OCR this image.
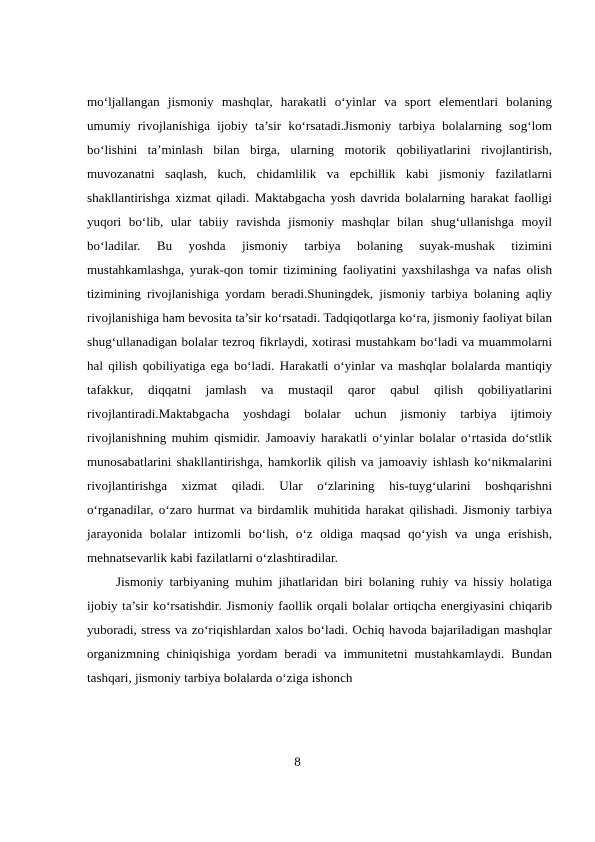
mo‘ljallangan jismoniy mashqlar, harakatli o‘yinlar va sport elementlari bolaning umumiy rivojlanishiga ijobiy ta’sir ko‘rsatadi.Jismoniy tarbiya bolalarning sog‘lom bo‘lishini ta’minlash bilan birga, ularning motorik qobiliyatlarini rivojlantirish, muvozanatni saqlash, kuch, chidamlilik va epchillik kabi jismoniy fazilatlarni shakllantirishga xizmat qiladi. Maktabgacha yosh davrida bolalarning harakat faolligi yuqori bo‘lib, ular tabiiy ravishda jismoniy mashqlar bilan shug‘ullanishga moyil bo‘ladilar. Bu yoshda jismoniy tarbiya bolaning suyak-mushak tizimini mustahkamlashga, yurak-qon tomir tizimining faoliyatini yaxshilashga va nafas olish tizimining rivojlanishiga yordam beradi.Shuningdek, jismoniy tarbiya bolaning aqliy rivojlanishiga ham bevosita ta’sir ko‘rsatadi. Tadqiqotlarga ko‘ra, jismoniy faoliyat bilan shug‘ullanadigan bolalar tezroq fikrlaydi, xotirasi mustahkam bo‘ladi va muammolarni hal qilish qobiliyatiga ega bo‘ladi. Harakatli o‘yinlar va mashqlar bolalarda mantiqiy tafakkur, diqqatni jamlash va mustaqil qaror qabul qilish qobiliyatlarini rivojlantiradi.Maktabgacha yoshdagi bolalar uchun jismoniy tarbiya ijtimoiy rivojlanishning muhim qismidir. Jamoaviy harakatli o‘yinlar bolalar o‘rtasida do‘stlik munosabatlarini shakllantirishga, hamkorlik qilish va jamoaviy ishlash ko‘nikmalarini rivojlantirishga xizmat qiladi. Ular o‘zlarining his-tuyg‘ularini boshqarishni o‘rganadilar, o‘zaro hurmat va birdamlik muhitida harakat qilishadi. Jismoniy tarbiya jarayonida bolalar intizomli bo‘lish, o‘z oldiga maqsad qo‘yish va unga erishish, mehnatsevarlik kabi fazilatlarni o‘zlashtiradilar.

Jismoniy tarbiyaning muhim jihatlaridan biri bolaning ruhiy va hissiy holatiga ijobiy ta’sir ko‘rsatishdir. Jismoniy faollik orqali bolalar ortiqcha energiyasini chiqarib yuboradi, stress va zo‘riqishlardan xalos bo‘ladi. Ochiq havoda bajariladigan mashqlar organizmning chiniqishiga yordam beradi va immunitetni mustahkamlaydi. Bundan tashqari, jismoniy tarbiya bolalarda o‘ziga ishonch

8
